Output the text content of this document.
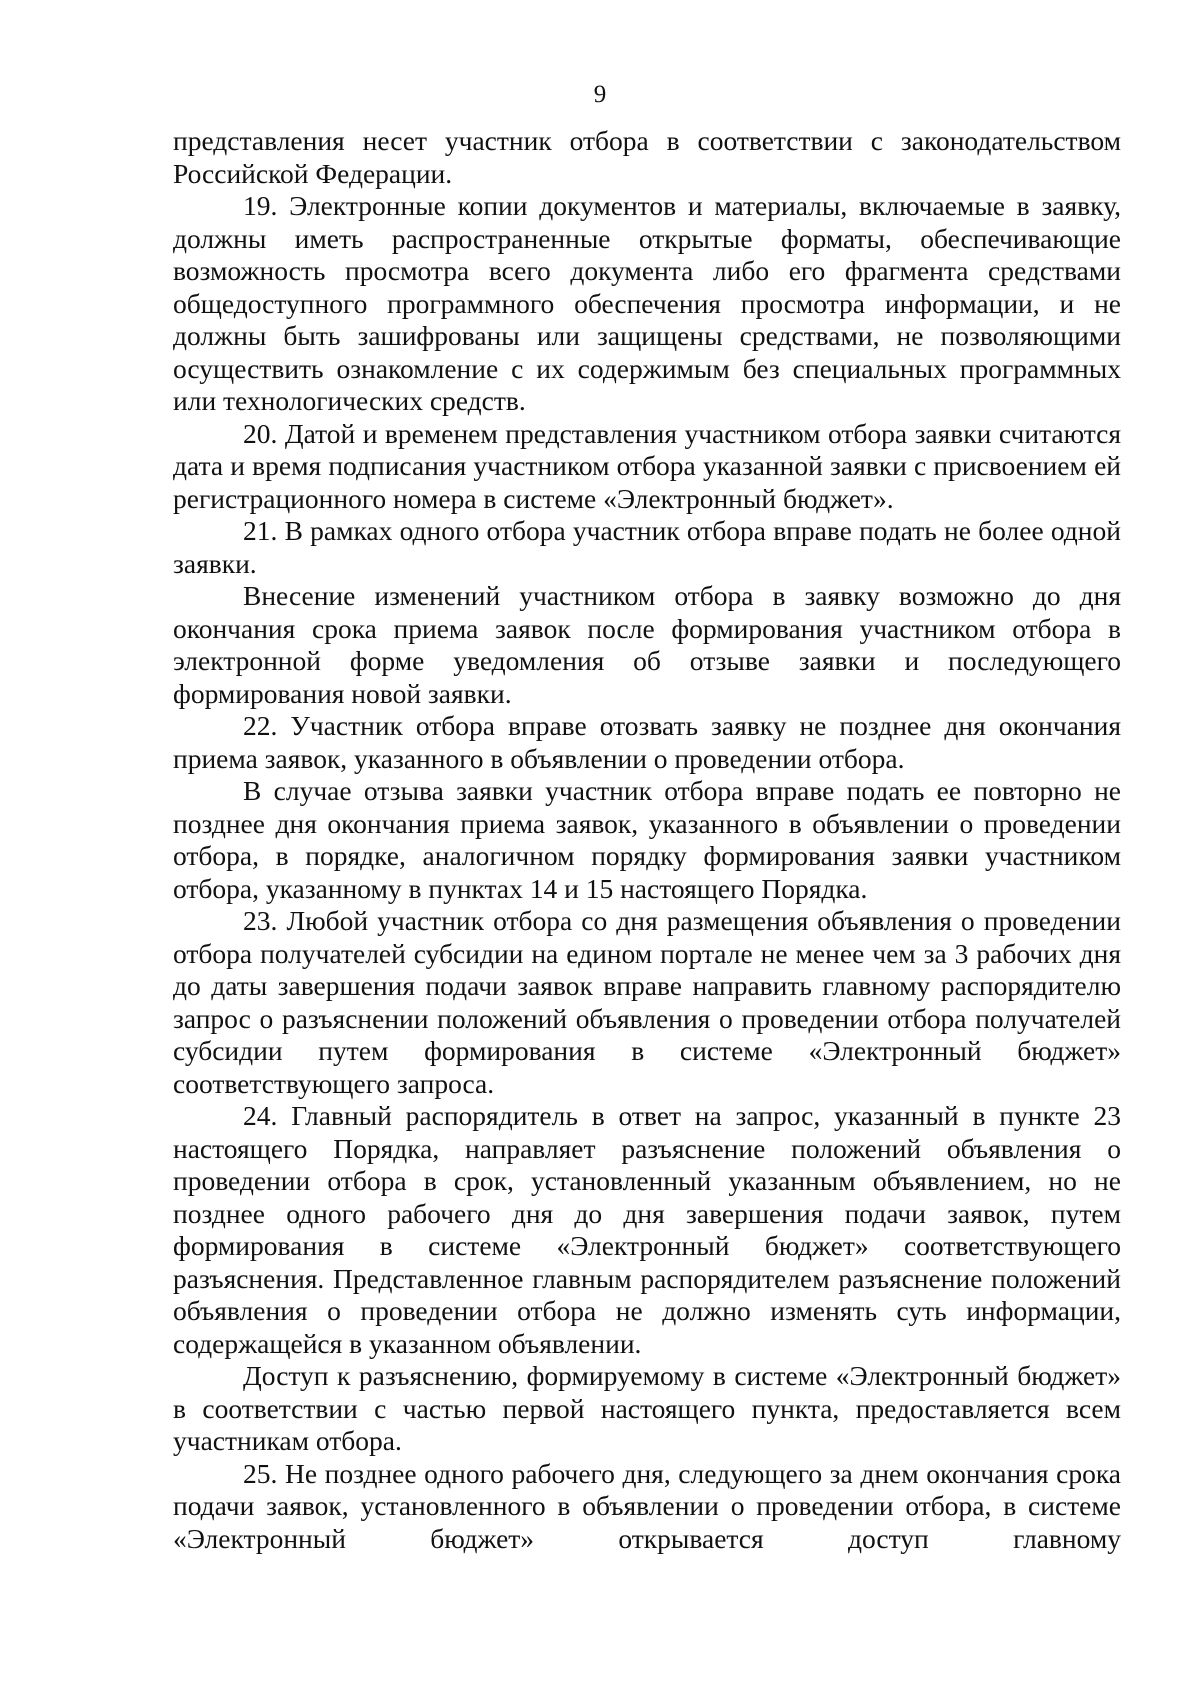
9

представления несет участник отбора в соответствии с законодательством Российской Федерации.

19. Электронные копии документов и материалы, включаемые в заявку, должны иметь распространенные открытые форматы, обеспечивающие возможность просмотра всего документа либо его фрагмента средствами общедоступного программного обеспечения просмотра информации, и не должны быть зашифрованы или защищены средствами, не позволяющими осуществить ознакомление с их содержимым без специальных программных или технологических средств.

20. Датой и временем представления участником отбора заявки считаются дата и время подписания участником отбора указанной заявки с присвоением ей регистрационного номера в системе «Электронный бюджет».

21. В рамках одного отбора участник отбора вправе подать не более одной заявки.

Внесение изменений участником отбора в заявку возможно до дня окончания срока приема заявок после формирования участником отбора в электронной форме уведомления об отзыве заявки и последующего формирования новой заявки.

22. Участник отбора вправе отозвать заявку не позднее дня окончания приема заявок, указанного в объявлении о проведении отбора.

В случае отзыва заявки участник отбора вправе подать ее повторно не позднее дня окончания приема заявок, указанного в объявлении о проведении отбора, в порядке, аналогичном порядку формирования заявки участником отбора, указанному в пунктах 14 и 15 настоящего Порядка.

23. Любой участник отбора со дня размещения объявления о проведении отбора получателей субсидии на едином портале не менее чем за 3 рабочих дня до даты завершения подачи заявок вправе направить главному распорядителю запрос о разъяснении положений объявления о проведении отбора получателей субсидии путем формирования в системе «Электронный бюджет» соответствующего запроса.

24. Главный распорядитель в ответ на запрос, указанный в пункте 23 настоящего Порядка, направляет разъяснение положений объявления о проведении отбора в срок, установленный указанным объявлением, но не позднее одного рабочего дня до дня завершения подачи заявок, путем формирования в системе «Электронный бюджет» соответствующего разъяснения. Представленное главным распорядителем разъяснение положений объявления о проведении отбора не должно изменять суть информации, содержащейся в указанном объявлении.

Доступ к разъяснению, формируемому в системе «Электронный бюджет» в соответствии с частью первой настоящего пункта, предоставляется всем участникам отбора.

25. Не позднее одного рабочего дня, следующего за днем окончания срока подачи заявок, установленного в объявлении о проведении отбора, в системе «Электронный бюджет» открывается доступ главному
